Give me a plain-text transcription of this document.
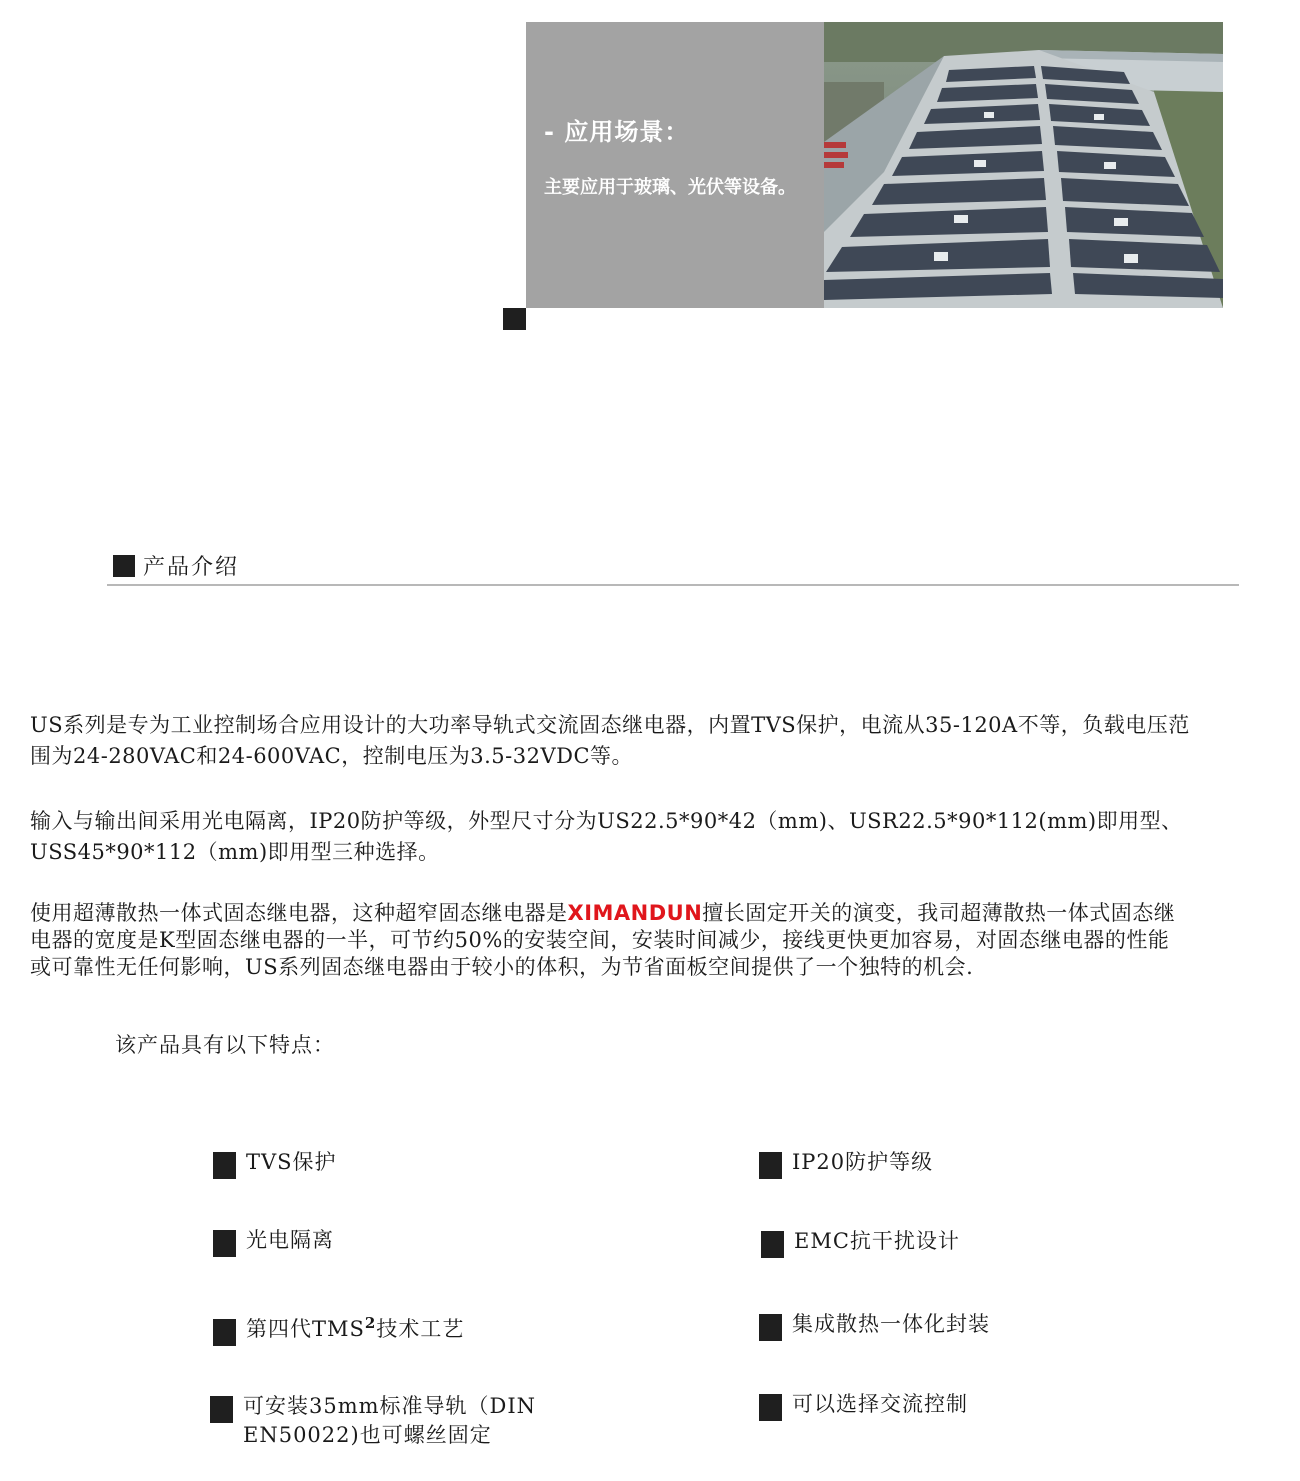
- 应用场景：
主要应用于玻璃、光伏等设备。
产品介绍
US系列是专为工业控制场合应用设计的大功率导轨式交流固态继电器，内置TVS保护，电流从35-120A不等，负载电压范围为24-280VAC和24-600VAC，控制电压为3.5-32VDC等。
输入与输出间采用光电隔离，IP20防护等级，外型尺寸分为US22.5*90*42（mm)、USR22.5*90*112(mm)即用型、USS45*90*112（mm)即用型三种选择。
使用超薄散热一体式固态继电器，这种超窄固态继电器是XIMANDUN擅长固定开关的演变，我司超薄散热一体式固态继电器的宽度是K型固态继电器的一半，可节约50%的安装空间，安装时间减少，接线更快更加容易，对固态继电器的性能或可靠性无任何影响，US系列固态继电器由于较小的体积，为节省面板空间提供了一个独特的机会.
该产品具有以下特点：
TVS保护
光电隔离
第四代TMS$^2$技术工艺
可安装35mm标准导轨（DIN EN50022)也可螺丝固定
IP20防护等级
EMC抗干扰设计
集成散热一体化封装
可以选择交流控制
